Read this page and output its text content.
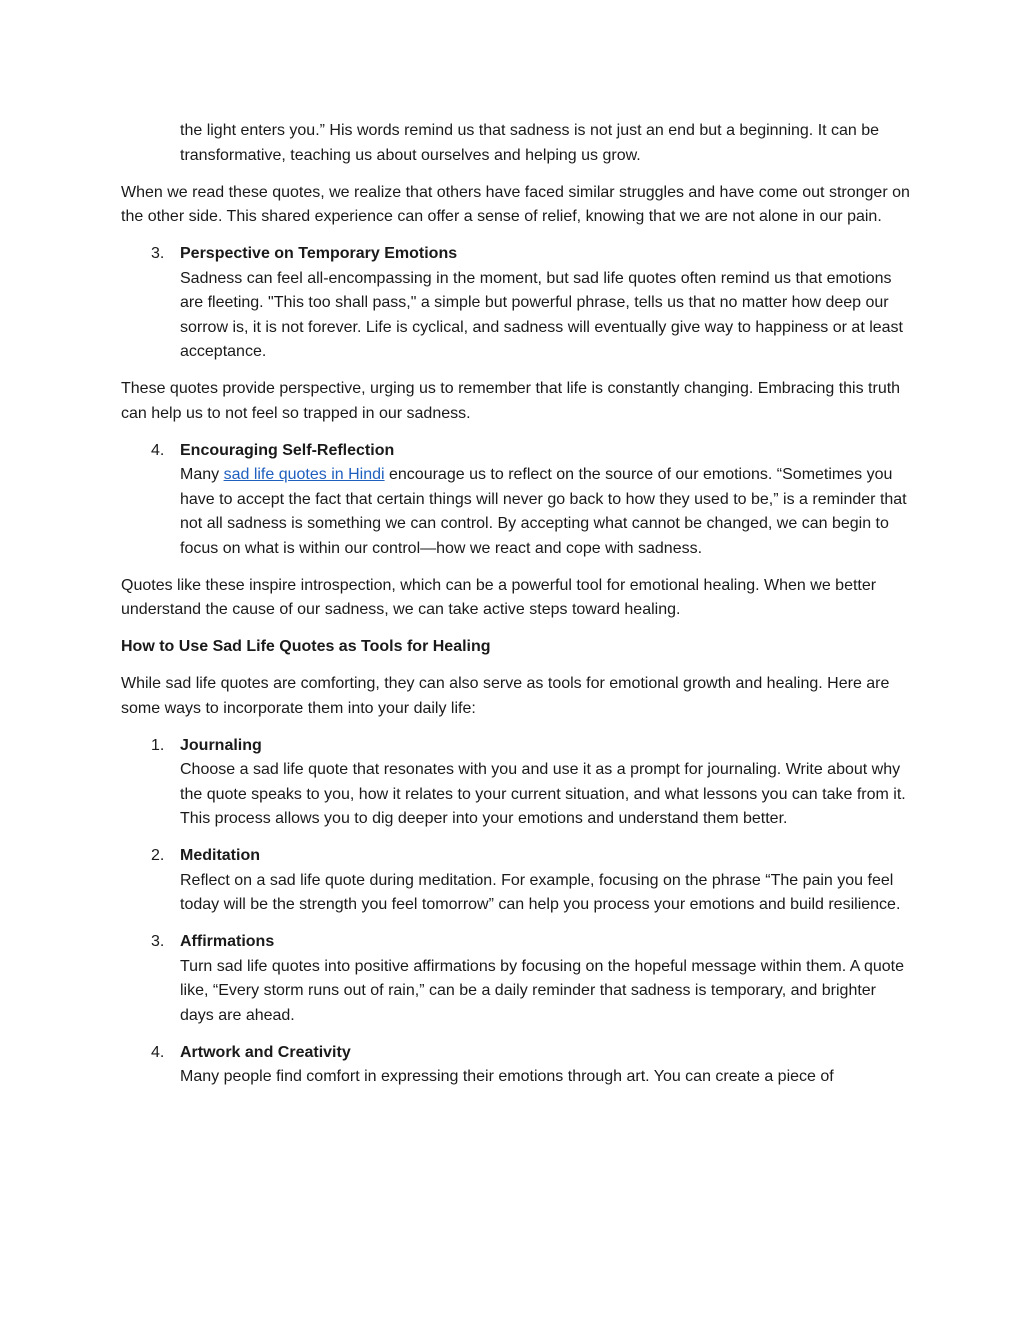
the light enters you.” His words remind us that sadness is not just an end but a beginning. It can be transformative, teaching us about ourselves and helping us grow.

When we read these quotes, we realize that others have faced similar struggles and have come out stronger on the other side. This shared experience can offer a sense of relief, knowing that we are not alone in our pain.

3. Perspective on Temporary Emotions

Sadness can feel all-encompassing in the moment, but sad life quotes often remind us that emotions are fleeting. "This too shall pass," a simple but powerful phrase, tells us that no matter how deep our sorrow is, it is not forever. Life is cyclical, and sadness will eventually give way to happiness or at least acceptance.

These quotes provide perspective, urging us to remember that life is constantly changing. Embracing this truth can help us to not feel so trapped in our sadness.

4. Encouraging Self-Reflection

Many sad life quotes in Hindi encourage us to reflect on the source of our emotions. “Sometimes you have to accept the fact that certain things will never go back to how they used to be,” is a reminder that not all sadness is something we can control. By accepting what cannot be changed, we can begin to focus on what is within our control—how we react and cope with sadness.

Quotes like these inspire introspection, which can be a powerful tool for emotional healing. When we better understand the cause of our sadness, we can take active steps toward healing.

How to Use Sad Life Quotes as Tools for Healing

While sad life quotes are comforting, they can also serve as tools for emotional growth and healing. Here are some ways to incorporate them into your daily life:

1. Journaling

Choose a sad life quote that resonates with you and use it as a prompt for journaling. Write about why the quote speaks to you, how it relates to your current situation, and what lessons you can take from it. This process allows you to dig deeper into your emotions and understand them better.

2. Meditation

Reflect on a sad life quote during meditation. For example, focusing on the phrase “The pain you feel today will be the strength you feel tomorrow” can help you process your emotions and build resilience.

3. Affirmations

Turn sad life quotes into positive affirmations by focusing on the hopeful message within them. A quote like, “Every storm runs out of rain,” can be a daily reminder that sadness is temporary, and brighter days are ahead.

4. Artwork and Creativity

Many people find comfort in expressing their emotions through art. You can create a piece of
